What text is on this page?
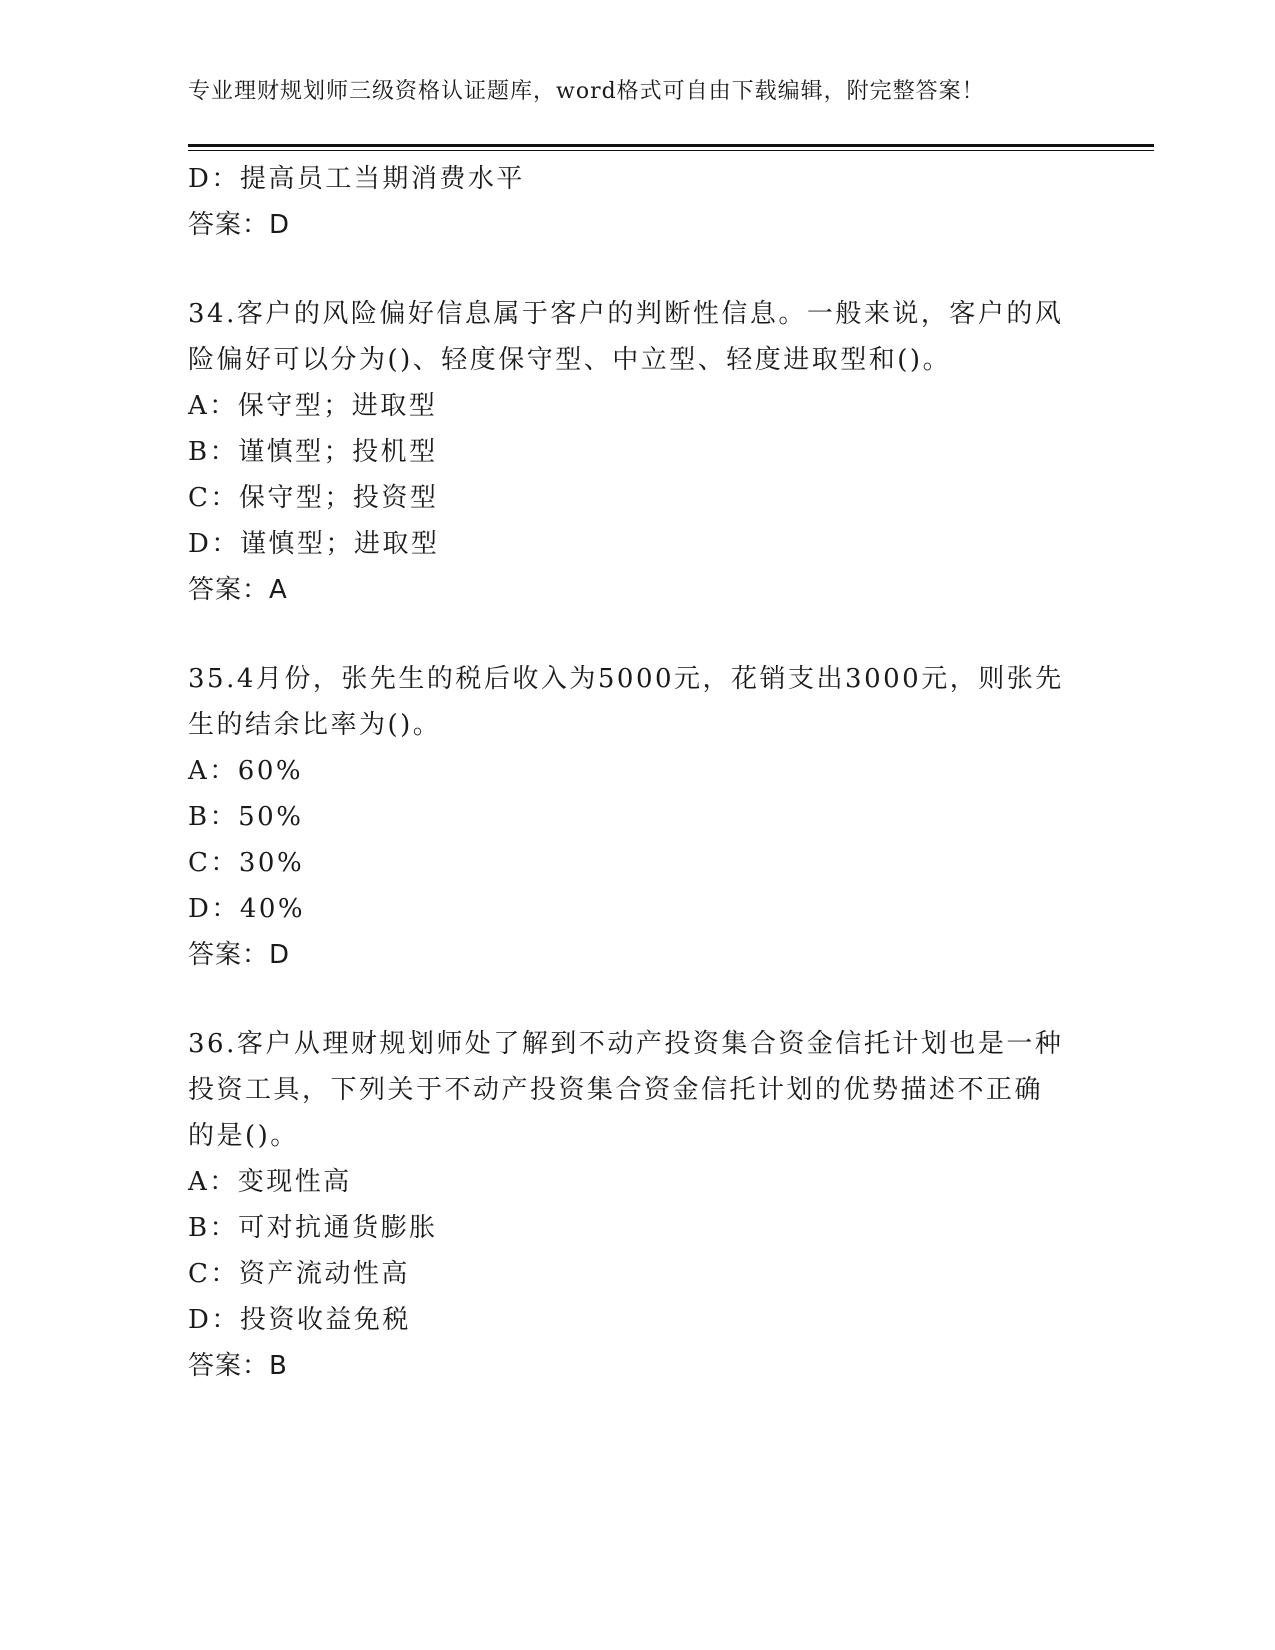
专业理财规划师三级资格认证题库，word格式可自由下载编辑，附完整答案！
D：提高员工当期消费水平
答案：D
34.客户的风险偏好信息属于客户的判断性信息。一般来说，客户的风
险偏好可以分为()、轻度保守型、中立型、轻度进取型和()。
A：保守型；进取型
B：谨慎型；投机型
C：保守型；投资型
D：谨慎型；进取型
答案：A
35.4月份，张先生的税后收入为5000元，花销支出3000元，则张先
生的结余比率为()。
A：60%
B：50%
C：30%
D：40%
答案：D
36.客户从理财规划师处了解到不动产投资集合资金信托计划也是一种
投资工具，下列关于不动产投资集合资金信托计划的优势描述不正确
的是()。
A：变现性高
B：可对抗通货膨胀
C：资产流动性高
D：投资收益免税
答案：B
